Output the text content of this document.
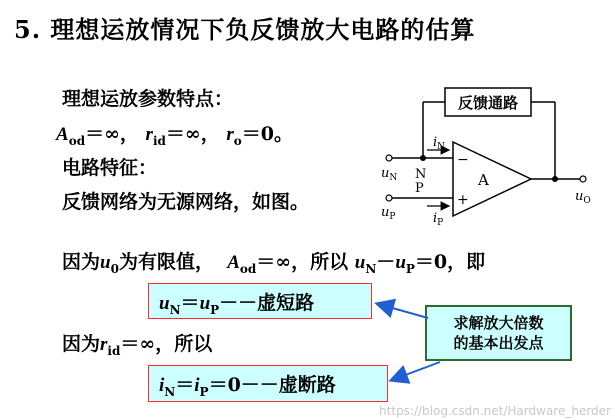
5. 理想运放情况下负反馈放大电路的估算
理想运放参数特点：
$A_{od}=\infty$， $r_{id}=\infty$， $r_o=0$。
电路特征：
反馈网络为无源网络，如图。
因为$u_0$为有限值， $A_{od}=\infty$，所以 $u_N-u_P=0$，即
$u_N=u_P--$虚短路
因为$r_{id}=\infty$，所以
$i_N=i_P=0--$虚断路
求解放大倍数
的基本出发点
反馈通路
A
−
+
$i_N$
$i_P$
N
P
$u_N$
$u_P$
$u_O$
https://blog.csdn.net/Hardware_herder
